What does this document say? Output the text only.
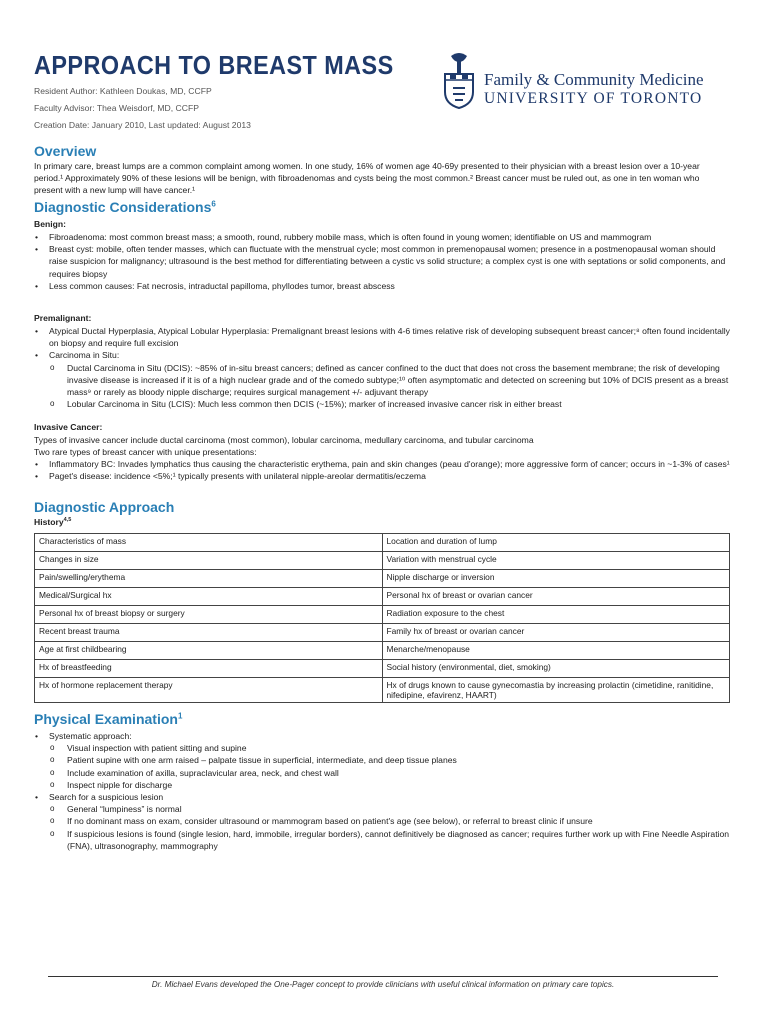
APPROACH TO BREAST MASS
Resident Author: Kathleen Doukas, MD, CCFP
Faculty Advisor: Thea Weisdorf, MD, CCFP
Creation Date: January 2010, Last updated: August 2013
Family & Community Medicine
UNIVERSITY OF TORONTO
Overview
In primary care, breast lumps are a common complaint among women. In one study, 16% of women age 40-69y presented to their physician with a breast lesion over a 10-year period.¹ Approximately 90% of these lesions will be benign, with fibroadenomas and cysts being the most common.² Breast cancer must be ruled out, as one in ten woman who present with a new lump will have cancer.¹
Diagnostic Considerations$^6$
Benign:
• Fibroadenoma: most common breast mass; a smooth, round, rubbery mobile mass, which is often found in young women; identifiable on US and mammogram
• Breast cyst: mobile, often tender masses, which can fluctuate with the menstrual cycle; most common in premenopausal women; presence in a postmenopausal woman should raise suspicion for malignancy; ultrasound is the best method for differentiating between a cystic vs solid structure; a complex cyst is one with septations or solid components, and requires biopsy
• Less common causes: Fat necrosis, intraductal papilloma, phyllodes tumor, breast abscess
Premalignant:
• Atypical Ductal Hyperplasia, Atypical Lobular Hyperplasia: Premalignant breast lesions with 4-6 times relative risk of developing subsequent breast cancer;⁸ often found incidentally on biopsy and require full excision
• Carcinoma in Situ:
o Ductal Carcinoma in Situ (DCIS): ~85% of in-situ breast cancers; defined as cancer confined to the duct that does not cross the basement membrane; the risk of developing invasive disease is increased if it is of a high nuclear grade and of the comedo subtype;¹⁰ often asymptomatic and detected on screening but 10% of DCIS present as a breast mass⁹ or rarely as bloody nipple discharge; requires surgical management +/- adjuvant therapy
o Lobular Carcinoma in Situ (LCIS): Much less common then DCIS (~15%); marker of increased invasive cancer risk in either breast
Invasive Cancer:
Types of invasive cancer include ductal carcinoma (most common), lobular carcinoma, medullary carcinoma, and tubular carcinoma
Two rare types of breast cancer with unique presentations:
• Inflammatory BC: Invades lymphatics thus causing the characteristic erythema, pain and skin changes (peau d'orange); more aggressive form of cancer; occurs in ~1-3% of cases¹
• Paget's disease: incidence <5%;¹ typically presents with unilateral nipple-areolar dermatitis/eczema
Diagnostic Approach
History$^{4,5}$
Characteristics of mass	Location and duration of lump
Changes in size	Variation with menstrual cycle
Pain/swelling/erythema	Nipple discharge or inversion
Medical/Surgical hx	Personal hx of breast or ovarian cancer
Personal hx of breast biopsy or surgery	Radiation exposure to the chest
Recent breast trauma	Family hx of breast or ovarian cancer
Age at first childbearing	Menarche/menopause
Hx of breastfeeding	Social history (environmental, diet, smoking)
Hx of hormone replacement therapy	Hx of drugs known to cause gynecomastia by increasing prolactin (cimetidine, ranitidine, nifedipine, efavirenz, HAART)
Physical Examination$^1$
• Systematic approach:
o Visual inspection with patient sitting and supine
o Patient supine with one arm raised – palpate tissue in superficial, intermediate, and deep tissue planes
o Include examination of axilla, supraclavicular area, neck, and chest wall
o Inspect nipple for discharge
• Search for a suspicious lesion
o General “lumpiness” is normal
o If no dominant mass on exam, consider ultrasound or mammogram based on patient's age (see below), or referral to breast clinic if unsure
o If suspicious lesions is found (single lesion, hard, immobile, irregular borders), cannot definitively be diagnosed as cancer; requires further work up with Fine Needle Aspiration (FNA), ultrasonography, mammography
Dr. Michael Evans developed the One-Pager concept to provide clinicians with useful clinical information on primary care topics.
